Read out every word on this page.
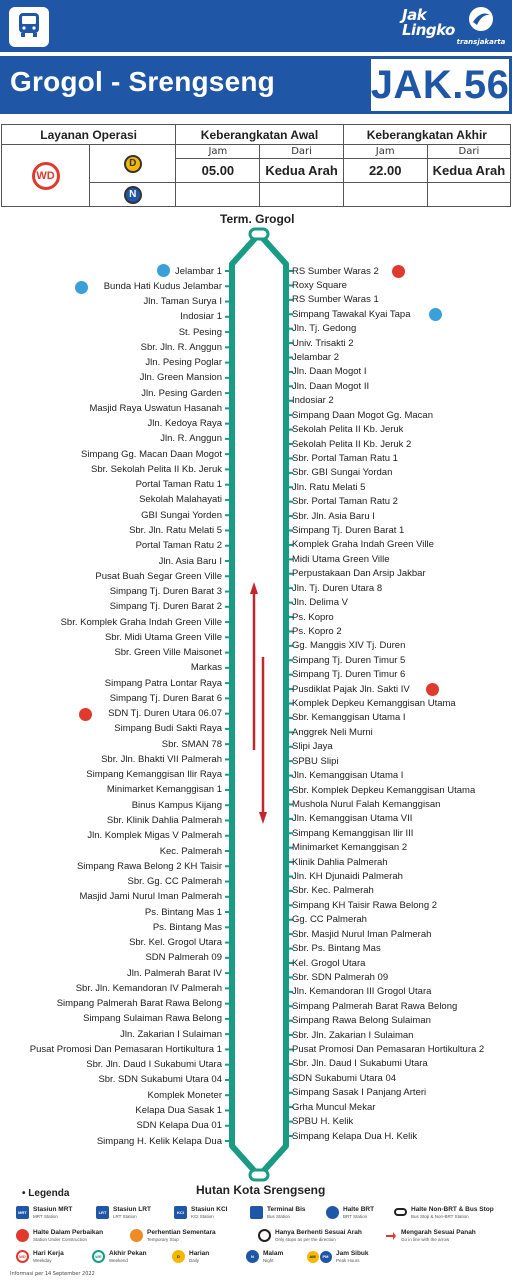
Jak
Lingko
transjakarta
Grogol - Srengseng JAK.56
Layanan Operasi		Keberangkatan Awal		Keberangkatan Akhir	
WD	D	Jam	Dari	Jam	Dari
		05.00	Kedua Arah	22.00	Kedua Arah
	N				
Term. Grogol
Hutan Kota Srengseng
Jelambar 1
Bunda Hati Kudus Jelambar
Jln. Taman Surya I
Indosiar 1
St. Pesing
Sbr. Jln. R. Anggun
Jln. Pesing Poglar
Jln. Green Mansion
Jln. Pesing Garden
Masjid Raya Uswatun Hasanah
Jln. Kedoya Raya
Jln. R. Anggun
Simpang Gg. Macan Daan Mogot
Sbr. Sekolah Pelita II Kb. Jeruk
Portal Taman Ratu 1
Sekolah Malahayati
GBI Sungai Yorden
Sbr. Jln. Ratu Melati 5
Portal Taman Ratu 2
Jln. Asia Baru I
Pusat Buah Segar Green Ville
Simpang Tj. Duren Barat 3
Simpang Tj. Duren Barat 2
Sbr. Komplek Graha Indah Green Ville
Sbr. Midi Utama Green Ville
Sbr. Green Ville Maisonet
Markas
Simpang Patra Lontar Raya
Simpang Tj. Duren Barat 6
SDN Tj. Duren Utara 06.07
Simpang Budi Sakti Raya
Sbr. SMAN 78
Sbr. Jln. Bhakti VII Palmerah
Simpang Kemanggisan Ilir Raya
Minimarket Kemanggisan 1
Binus Kampus Kijang
Sbr. Klinik Dahlia Palmerah
Jln. Komplek Migas V Palmerah
Kec. Palmerah
Simpang Rawa Belong 2 KH Taisir
Sbr. Gg. CC Palmerah
Masjid Jami Nurul Iman Palmerah
Ps. Bintang Mas 1
Ps. Bintang Mas
Sbr. Kel. Grogol Utara
SDN Palmerah 09
Jln. Palmerah Barat IV
Sbr. Jln. Kemandoran IV Palmerah
Simpang Palmerah Barat Rawa Belong
Simpang Sulaiman Rawa Belong
Jln. Zakarian I Sulaiman
Pusat Promosi Dan Pemasaran Hortikultura 1
Sbr. Jln. Daud I Sukabumi Utara
Sbr. SDN Sukabumi Utara 04
Komplek Moneter
Kelapa Dua Sasak 1
SDN Kelapa Dua 01
Simpang H. Kelik Kelapa Dua
RS Sumber Waras 2
Roxy Square
RS Sumber Waras 1
Simpang Tawakal Kyai Tapa
Jln. Tj. Gedong
Univ. Trisakti 2
Jelambar 2
Jln. Daan Mogot I
Jln. Daan Mogot II
Indosiar 2
Simpang Daan Mogot Gg. Macan
Sekolah Pelita II Kb. Jeruk
Sekolah Pelita II Kb. Jeruk 2
Sbr. Portal Taman Ratu 1
Sbr. GBI Sungai Yordan
Jln. Ratu Melati 5
Sbr. Portal Taman Ratu 2
Sbr. Jln. Asia Baru I
Simpang Tj. Duren Barat 1
Komplek Graha Indah Green Ville
Midi Utama Green Ville
Perpustakaan Dan Arsip Jakbar
Jln. Tj. Duren Utara 8
Jln. Delima V
Ps. Kopro
Ps. Kopro 2
Gg. Manggis XIV Tj. Duren
Simpang Tj. Duren Timur 5
Simpang Tj. Duren Timur 6
Pusdiklat Pajak Jln. Sakti IV
Komplek Depkeu Kemanggisan Utama
Sbr. Kemanggisan Utama I
Anggrek Neli Murni
Slipi Jaya
SPBU Slipi
Jln. Kemanggisan Utama I
Sbr. Komplek Depkeu Kemanggisan Utama
Mushola Nurul Falah Kemanggisan
Jln. Kemanggisan Utama VII
Simpang Kemanggisan Ilir III
Minimarket Kemanggisan 2
Klinik Dahlia Palmerah
Jln. KH Djunaidi Palmerah
Sbr. Kec. Palmerah
Simpang KH Taisir Rawa Belong 2
Gg. CC Palmerah
Sbr. Masjid Nurul Iman Palmerah
Sbr. Ps. Bintang Mas
Kel. Grogol Utara
Sbr. SDN Palmerah 09
Jln. Kemandoran III Grogol Utara
Simpang Palmerah Barat Rawa Belong
Simpang Rawa Belong Sulaiman
Sbr. Jln. Zakarian I Sulaiman
Pusat Promosi Dan Pemasaran Hortikultura 2
Sbr. Jln. Daud I Sukabumi Utara
SDN Sukabumi Utara 04
Simpang Sasak I Panjang Arteri
Grha Muncul Mekar
SPBU H. Kelik
Simpang Kelapa Dua H. Kelik
• Legenda
MRT Stasiun MRT
MRT Station
LRT	Stasiun LRT
LRT Station
KCI	Stasiun KCI
KCI Station
Terminal Bis
Bus Station
Halte BRT
BRT Station
Halte Non-BRT & Bus Stop
Bus Stop & Non-BRT Station
Halte Dalam Perbaikan
Station Under Construction
Perhentian Sementara
Temporary Stop
Hanya Berhenti Sesuai Arah
Only stops as per the direction
Mengarah Sesuai Panah
Go in line with the arrow
WD	Hari Kerja
Weekday
WE	Akhir Pekan
Weekend
D	Harian
Daily
N	Malam
Night
AM	PM	Jam Sibuk
Peak Hours
Informasi per 14 September 2022
